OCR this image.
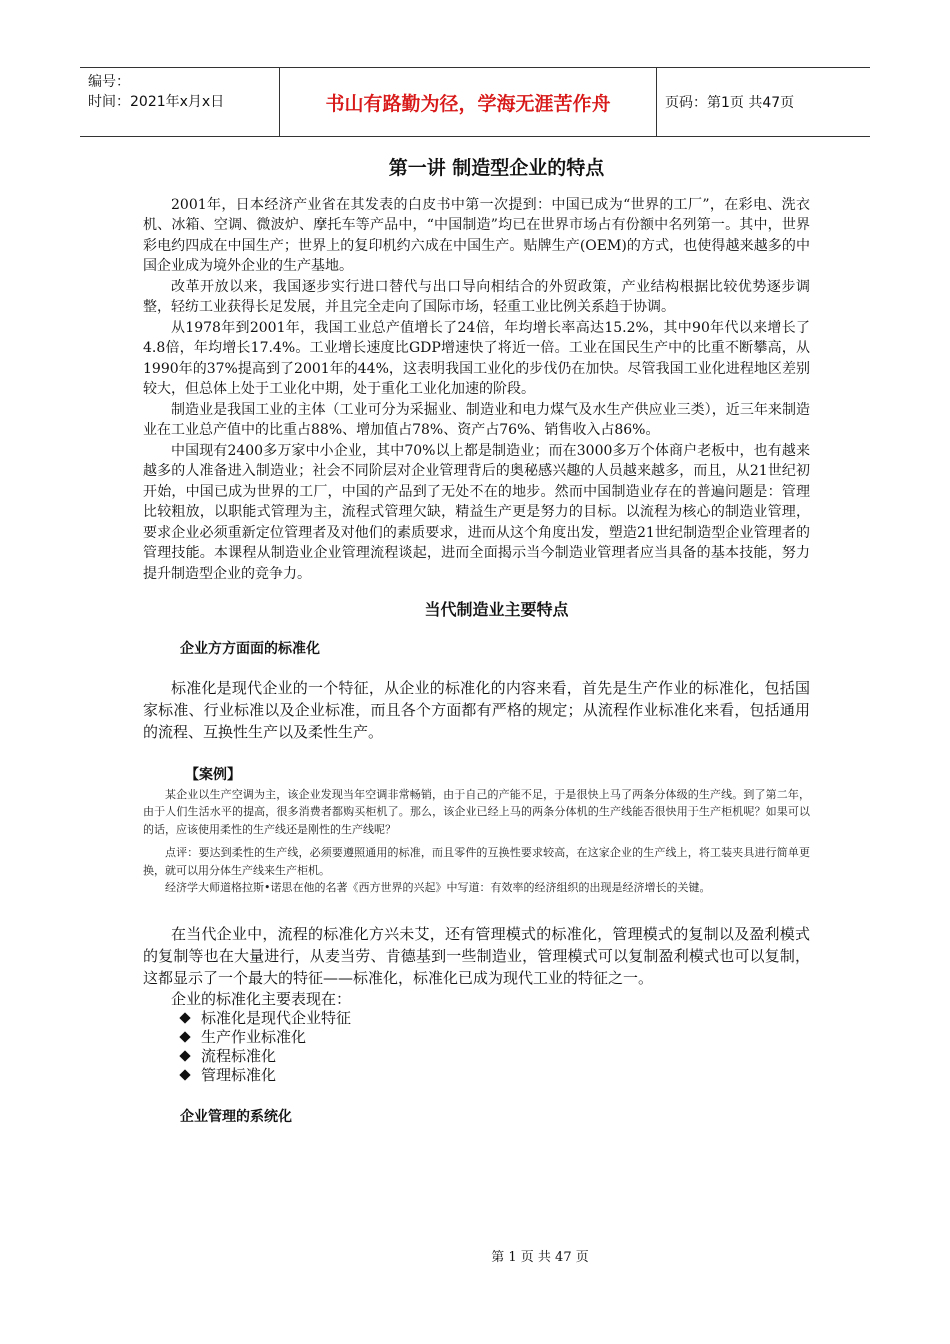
编号：
时间：2021年x月x日	书山有路勤为径，学海无涯苦作舟	页码：第1页 共47页
第一讲 制造型企业的特点

2001年，日本经济产业省在其发表的白皮书中第一次提到：中国已成为“世界的工厂”，在彩电、洗衣机、冰箱、空调、微波炉、摩托车等产品中，“中国制造”均已在世界市场占有份额中名列第一。其中，世界彩电约四成在中国生产；世界上的复印机约六成在中国生产。贴牌生产(OEM)的方式，也使得越来越多的中国企业成为境外企业的生产基地。

改革开放以来，我国逐步实行进口替代与出口导向相结合的外贸政策，产业结构根据比较优势逐步调整，轻纺工业获得长足发展，并且完全走向了国际市场，轻重工业比例关系趋于协调。

从1978年到2001年，我国工业总产值增长了24倍，年均增长率高达15.2%，其中90年代以来增长了4.8倍，年均增长17.4%。工业增长速度比GDP增速快了将近一倍。工业在国民生产中的比重不断攀高，从1990年的37%提高到了2001年的44%，这表明我国工业化的步伐仍在加快。尽管我国工业化进程地区差别较大，但总体上处于工业化中期，处于重化工业化加速的阶段。

制造业是我国工业的主体（工业可分为采掘业、制造业和电力煤气及水生产供应业三类），近三年来制造业在工业总产值中的比重占88%、增加值占78%、资产占76%、销售收入占86%。

中国现有2400多万家中小企业，其中70%以上都是制造业；而在3000多万个体商户老板中，也有越来越多的人准备进入制造业；社会不同阶层对企业管理背后的奥秘感兴趣的人员越来越多，而且，从21世纪初开始，中国已成为世界的工厂，中国的产品到了无处不在的地步。然而中国制造业存在的普遍问题是：管理比较粗放，以职能式管理为主，流程式管理欠缺，精益生产更是努力的目标。以流程为核心的制造业管理，要求企业必须重新定位管理者及对他们的素质要求，进而从这个角度出发，塑造21世纪制造型企业管理者的管理技能。本课程从制造业企业管理流程谈起，进而全面揭示当今制造业管理者应当具备的基本技能，努力提升制造型企业的竞争力。

当代制造业主要特点
企业方方面面的标准化

标准化是现代企业的一个特征，从企业的标准化的内容来看，首先是生产作业的标准化，包括国家标准、行业标准以及企业标准，而且各个方面都有严格的规定；从流程作业标准化来看，包括通用的流程、互换性生产以及柔性生产。

【案例】

某企业以生产空调为主，该企业发现当年空调非常畅销，由于自己的产能不足，于是很快上马了两条分体级的生产线。到了第二年，由于人们生活水平的提高，很多消费者都购买柜机了。那么，该企业已经上马的两条分体机的生产线能否很快用于生产柜机呢？如果可以的话，应该使用柔性的生产线还是刚性的生产线呢？

点评：要达到柔性的生产线，必须要遵照通用的标准，而且零件的互换性要求较高，在这家企业的生产线上，将工装夹具进行简单更换，就可以用分体生产线来生产柜机。

经济学大师道格拉斯•诺思在他的名著《西方世界的兴起》中写道：有效率的经济组织的出现是经济增长的关键。

在当代企业中，流程的标准化方兴未艾，还有管理模式的标准化，管理模式的复制以及盈利模式的复制等也在大量进行，从麦当劳、肯德基到一些制造业，管理模式可以复制盈利模式也可以复制，这都显示了一个最大的特征——标准化，标准化已成为现代工业的特征之一。

企业的标准化主要表现在：

标准化是现代企业特征
生产作业标准化
流程标准化
管理标准化
企业管理的系统化
第 1 页 共 47 页
